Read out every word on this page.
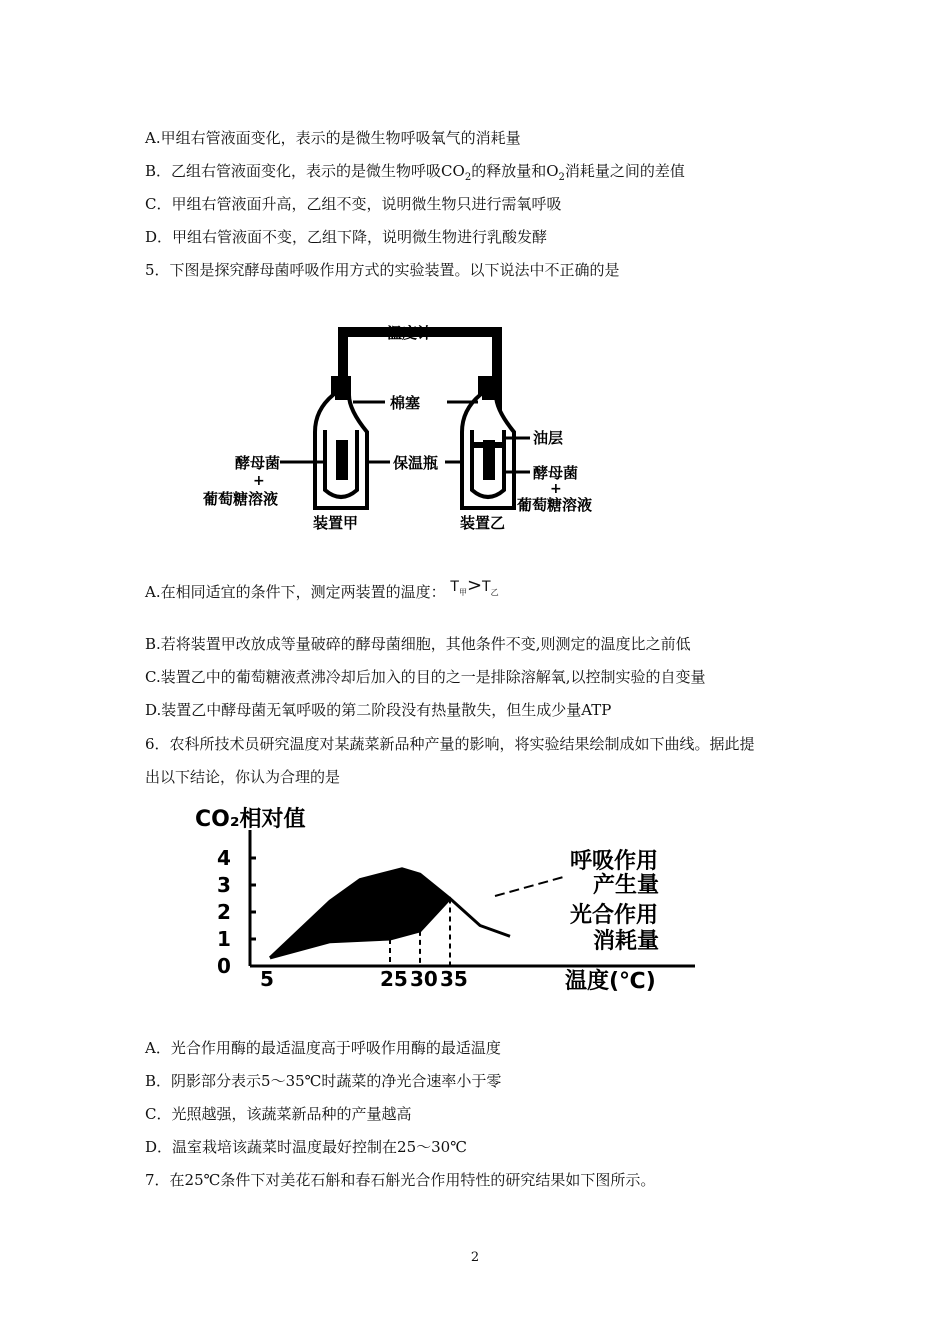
A.甲组右管液面变化，表示的是微生物呼吸氧气的消耗量
B．乙组右管液面变化，表示的是微生物呼吸$CO_2$的释放量和$O_2$消耗量之间的差值
C．甲组右管液面升高，乙组不变，说明微生物只进行需氧呼吸
D．甲组右管液面不变，乙组下降，说明微生物进行乳酸发酵
5．下图是探究酵母菌呼吸作用方式的实验装置。以下说法中不正确的是
温度计
棉塞
油层
酵母菌
+
葡萄糖溶液
保温瓶
酵母菌
+
葡萄糖溶液
装置甲	装置乙
A.在相同适宜的条件下，测定两装置的温度： $T_甲>T_乙$
B.若将装置甲改放成等量破碎的酵母菌细胞，其他条件不变,则测定的温度比之前低
C.装置乙中的葡萄糖液煮沸冷却后加入的目的之一是排除溶解氧,以控制实验的自变量
D.装置乙中酵母菌无氧呼吸的第二阶段没有热量散失，但生成少量ATP
6．农科所技术员研究温度对某蔬菜新品种产量的影响，将实验结果绘制成如下曲线。据此提
出以下结论，你认为合理的是
0
1
2
3
4
5	25 30 35
CO₂相对值
温度(℃)
呼吸作用
产生量
光合作用
消耗量
A．光合作用酶的最适温度高于呼吸作用酶的最适温度
B．阴影部分表示5～35℃时蔬菜的净光合速率小于零
C．光照越强，该蔬菜新品种的产量越高
D．温室栽培该蔬菜时温度最好控制在25～30℃
7．在25℃条件下对美花石斛和春石斛光合作用特性的研究结果如下图所示。
2
